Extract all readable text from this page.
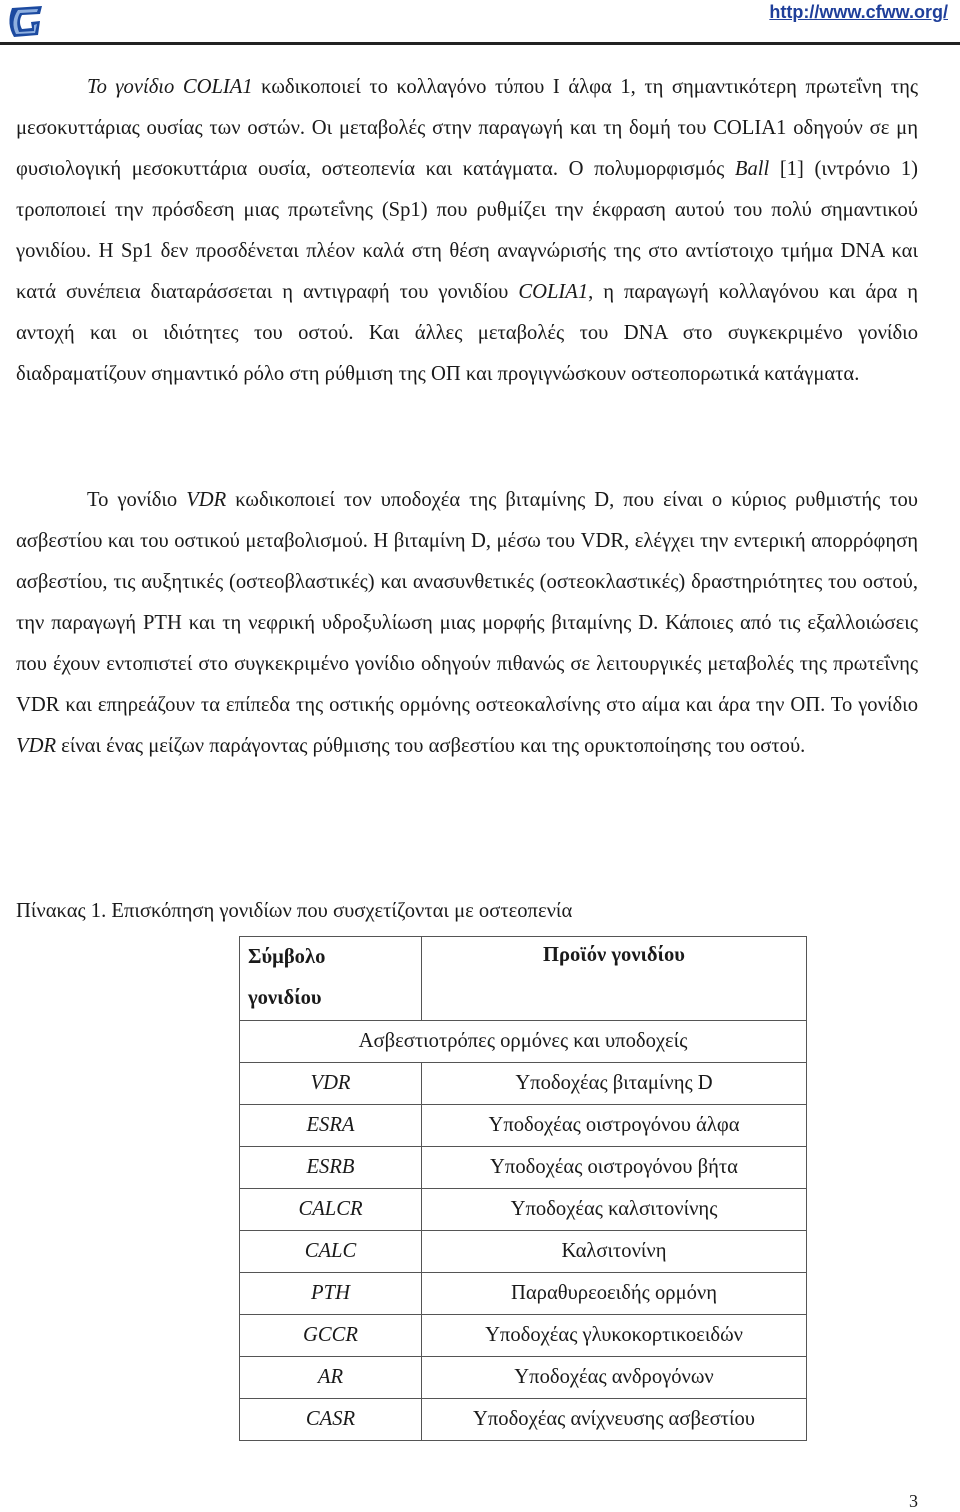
http://www.cfww.org/

Το γονίδιο COLIA1 κωδικοποιεί το κολλαγόνο τύπου Ι άλφα 1, τη σημαντικότερη πρωτεΐνη της μεσοκυττάριας ουσίας των οστών. Οι μεταβολές στην παραγωγή και τη δομή του COLIA1 οδηγούν σε μη φυσιολογική μεσοκυττάρια ουσία, οστεοπενία και κατάγματα. Ο πολυμορφισμός Ball [1] (ιντρόνιο 1) τροποποιεί την πρόσδεση μιας πρωτεΐνης (Sp1) που ρυθμίζει την έκφραση αυτού του πολύ σημαντικού γονιδίου. Η Sp1 δεν προσδένεται πλέον καλά στη θέση αναγνώρισής της στο αντίστοιχο τμήμα DNA και κατά συνέπεια διαταράσσεται η αντιγραφή του γονιδίου COLIA1, η παραγωγή κολλαγόνου και άρα η αντοχή και οι ιδιότητες του οστού. Και άλλες μεταβολές του DNA στο συγκεκριμένο γονίδιο διαδραματίζουν σημαντικό ρόλο στη ρύθμιση της ΟΠ και προγιγνώσκουν οστεοπορωτικά κατάγματα.

Το γονίδιο VDR κωδικοποιεί τον υποδοχέα της βιταμίνης D, που είναι ο κύριος ρυθμιστής του ασβεστίου και του οστικού μεταβολισμού. Η βιταμίνη D, μέσω του VDR, ελέγχει την εντερική απορρόφηση ασβεστίου, τις αυξητικές (οστεοβλαστικές) και ανασυνθετικές (οστεοκλαστικές) δραστηριότητες του οστού, την παραγωγή PTH και τη νεφρική υδροξυλίωση μιας μορφής βιταμίνης D. Κάποιες από τις εξαλλοιώσεις που έχουν εντοπιστεί στο συγκεκριμένο γονίδιο οδηγούν πιθανώς σε λειτουργικές μεταβολές της πρωτεΐνης VDR και επηρεάζουν τα επίπεδα της οστικής ορμόνης οστεοκαλσίνης στο αίμα και άρα την ΟΠ. Το γονίδιο VDR είναι ένας μείζων παράγοντας ρύθμισης του ασβεστίου και της ορυκτοποίησης του οστού.

Πίνακας 1. Επισκόπηση γονιδίων που συσχετίζονται με οστεοπενία

Σύμβολο
γονιδίου	Προϊόν γονιδίου
Ασβεστιοτρόπες ορμόνες και υποδοχείς	
VDR	Υποδοχέας βιταμίνης D
ESRA	Υποδοχέας οιστρογόνου άλφα
ESRB	Υποδοχέας οιστρογόνου βήτα
CALCR	Υποδοχέας καλσιτονίνης
CALC	Καλσιτονίνη
PTH	Παραθυρεοειδής ορμόνη
GCCR	Υποδοχέας γλυκοκορτικοειδών
AR	Υποδοχέας ανδρογόνων
CASR	Υποδοχέας ανίχνευσης ασβεστίου
3
